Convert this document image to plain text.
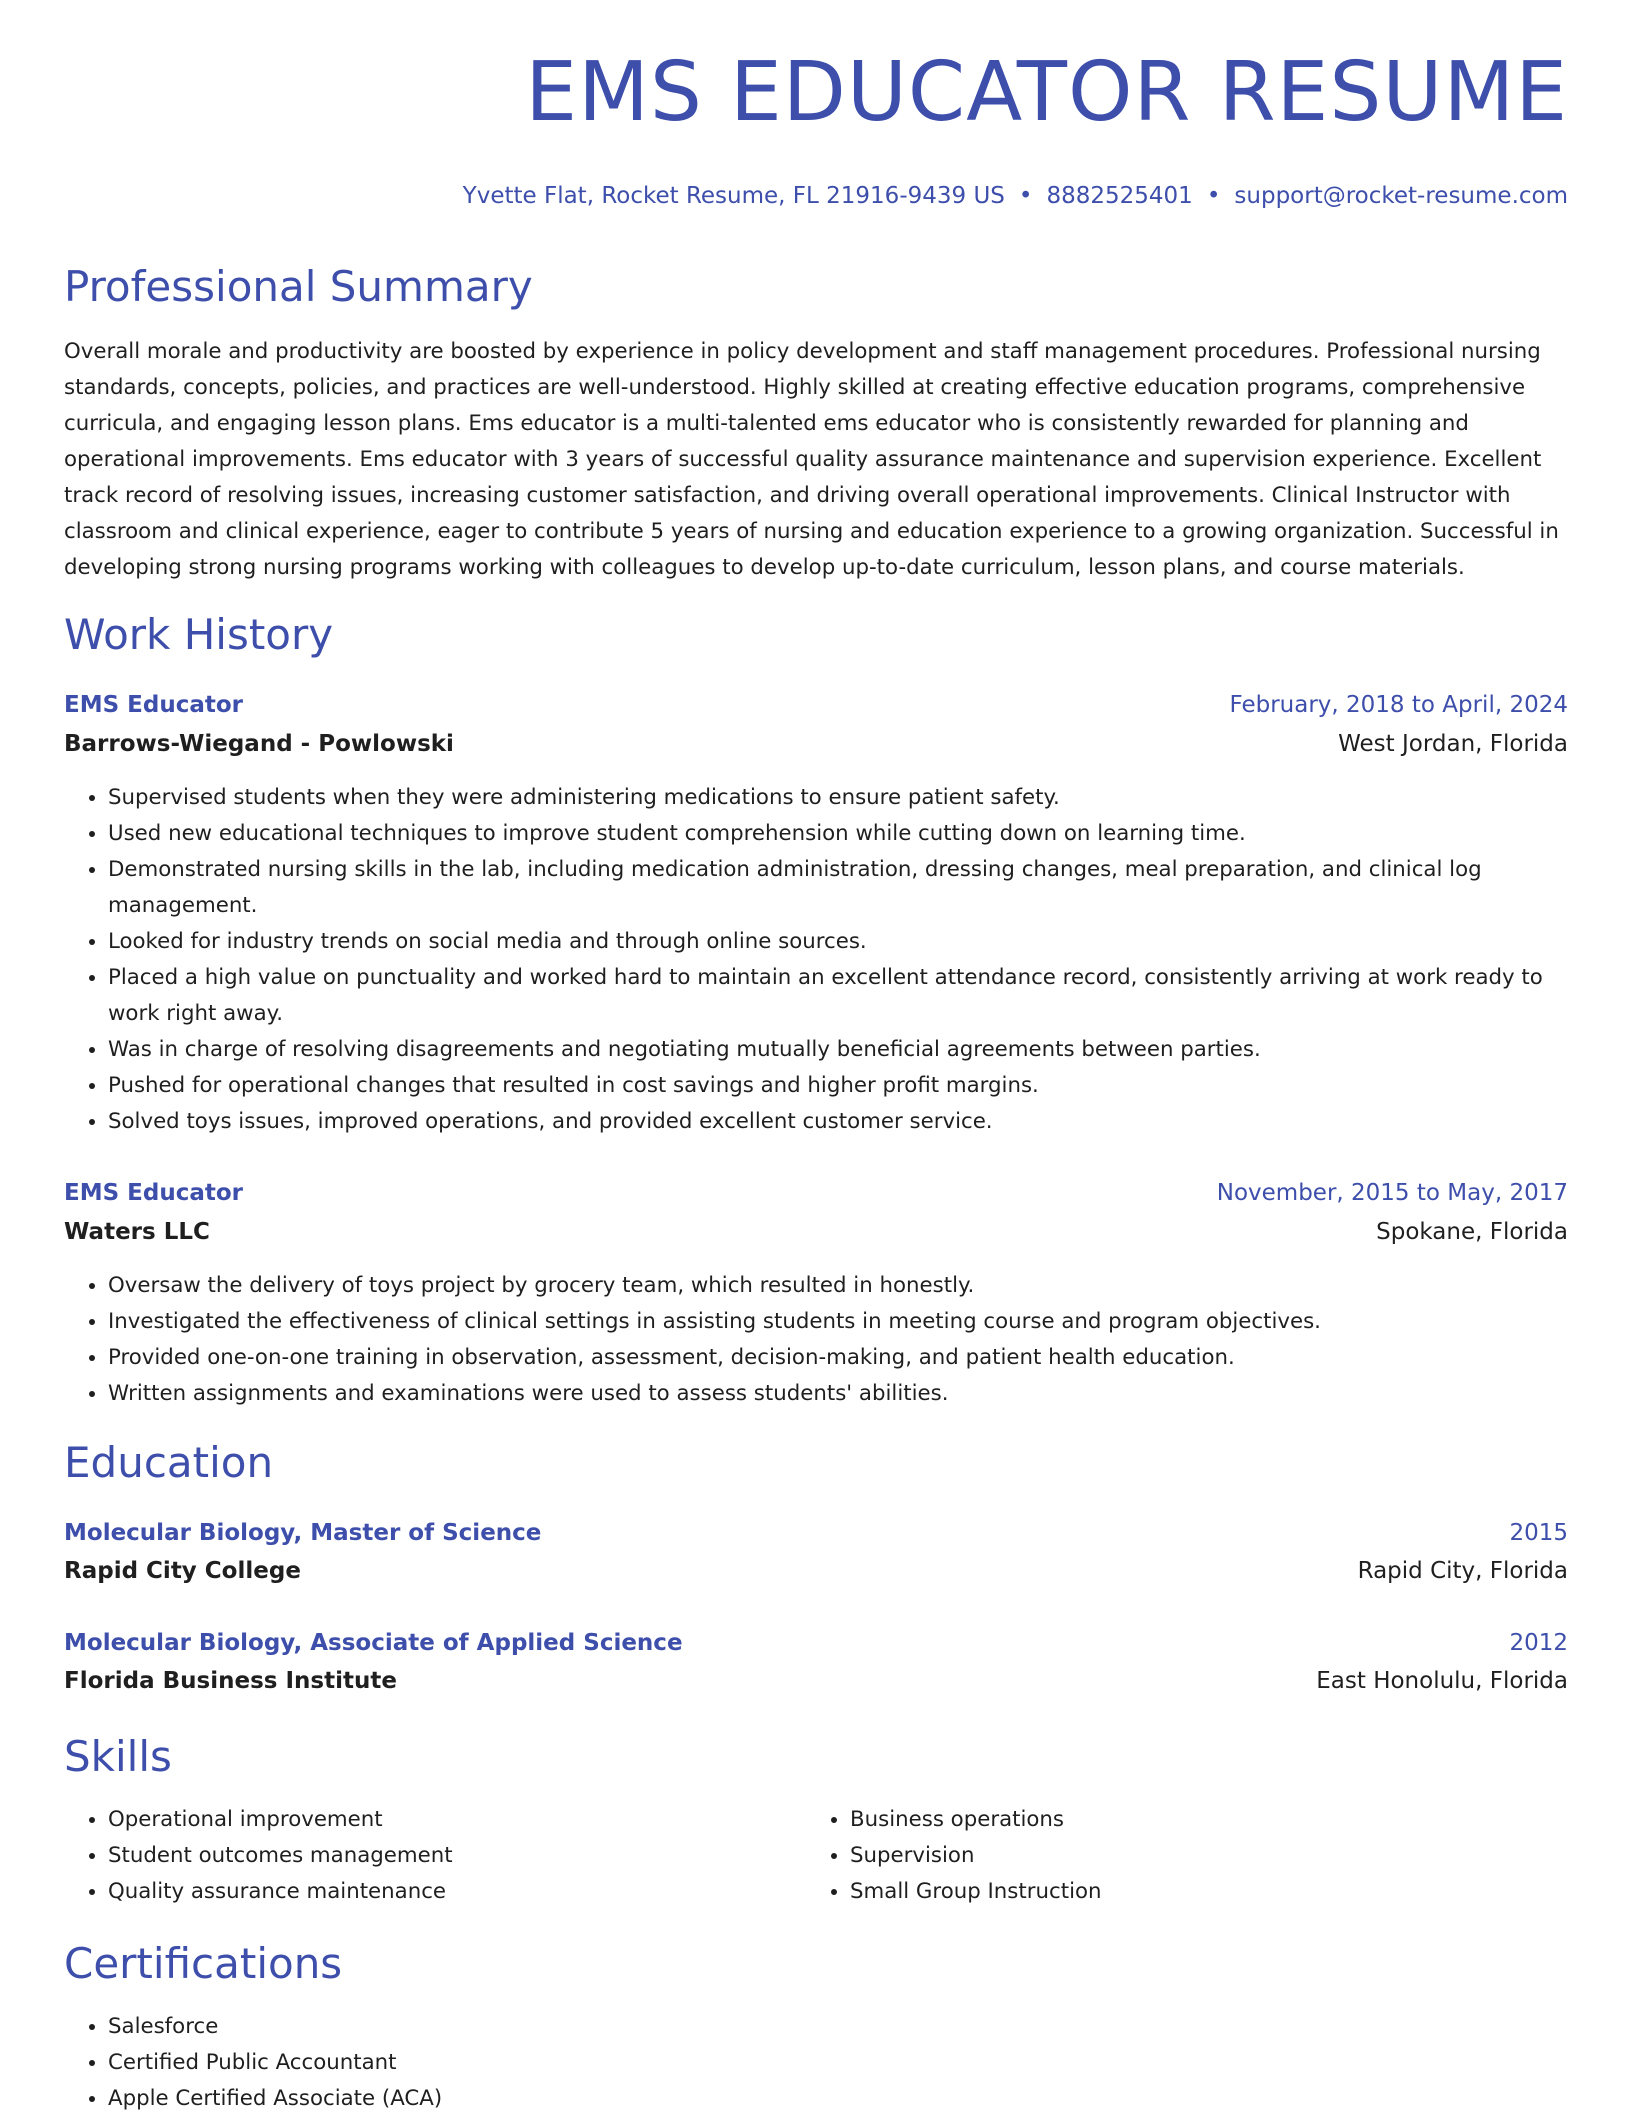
EMS EDUCATOR RESUME
Yvette Flat, Rocket Resume, FL 21916-9439 US • 8882525401 • support@rocket-resume.com
Professional Summary

Overall morale and productivity are boosted by experience in policy development and staff management procedures. Professional nursing standards, concepts, policies, and practices are well-understood. Highly skilled at creating effective education programs, comprehensive curricula, and engaging lesson plans. Ems educator is a multi-talented ems educator who is consistently rewarded for planning and operational improvements. Ems educator with 3 years of successful quality assurance maintenance and supervision experience. Excellent track record of resolving issues, increasing customer satisfaction, and driving overall operational improvements. Clinical Instructor with classroom and clinical experience, eager to contribute 5 years of nursing and education experience to a growing organization. Successful in developing strong nursing programs working with colleagues to develop up-to-date curriculum, lesson plans, and course materials.

Work History
EMS Educator	February, 2018 to April, 2024
Barrows-Wiegand - Powlowski	West Jordan, Florida
• Supervised students when they were administering medications to ensure patient safety.
• Used new educational techniques to improve student comprehension while cutting down on learning time.
• Demonstrated nursing skills in the lab, including medication administration, dressing changes, meal preparation, and clinical log management.
• Looked for industry trends on social media and through online sources.
• Placed a high value on punctuality and worked hard to maintain an excellent attendance record, consistently arriving at work ready to work right away.
• Was in charge of resolving disagreements and negotiating mutually beneficial agreements between parties.
• Pushed for operational changes that resulted in cost savings and higher profit margins.
• Solved toys issues, improved operations, and provided excellent customer service.
EMS Educator	November, 2015 to May, 2017
Waters LLC	Spokane, Florida
• Oversaw the delivery of toys project by grocery team, which resulted in honestly.
• Investigated the effectiveness of clinical settings in assisting students in meeting course and program objectives.
• Provided one-on-one training in observation, assessment, decision-making, and patient health education.
• Written assignments and examinations were used to assess students' abilities.
Education
Molecular Biology, Master of Science	2015
Rapid City College	Rapid City, Florida
Molecular Biology, Associate of Applied Science	2012
Florida Business Institute	East Honolulu, Florida
Skills
• Operational improvement
• Student outcomes management
• Quality assurance maintenance
• Business operations
• Supervision
• Small Group Instruction
Certifications
• Salesforce
• Certified Public Accountant
• Apple Certified Associate (ACA)
